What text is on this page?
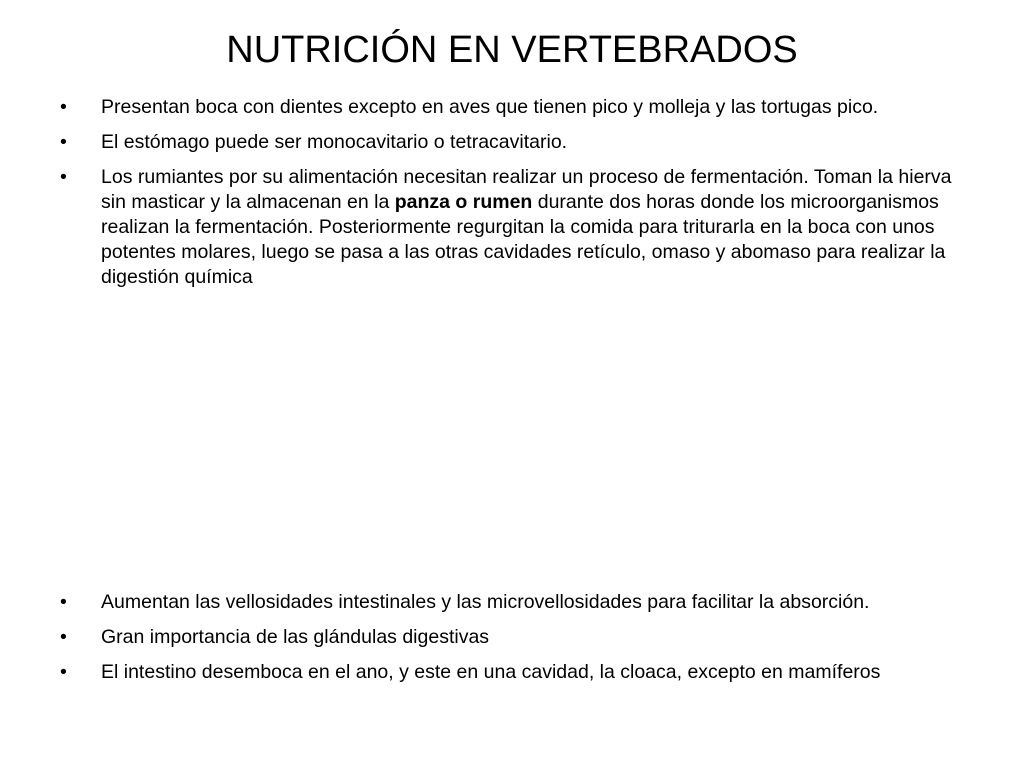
NUTRICIÓN EN VERTEBRADOS
• Presentan boca con dientes excepto en aves que tienen pico y molleja y las tortugas pico.
• El estómago puede ser monocavitario o tetracavitario.
• Los rumiantes por su alimentación necesitan realizar un proceso de fermentación. Toman la hierva sin masticar y la almacenan en la panza o rumen durante dos horas donde los microorganismos realizan la fermentación. Posteriormente regurgitan la comida para triturarla en la boca con unos potentes molares, luego se pasa a las otras cavidades retículo, omaso y abomaso para realizar la digestión química
• Aumentan las vellosidades intestinales y las microvellosidades para facilitar la absorción.
• Gran importancia de las glándulas digestivas
• El intestino desemboca en el ano, y este en una cavidad, la cloaca, excepto en mamíferos
